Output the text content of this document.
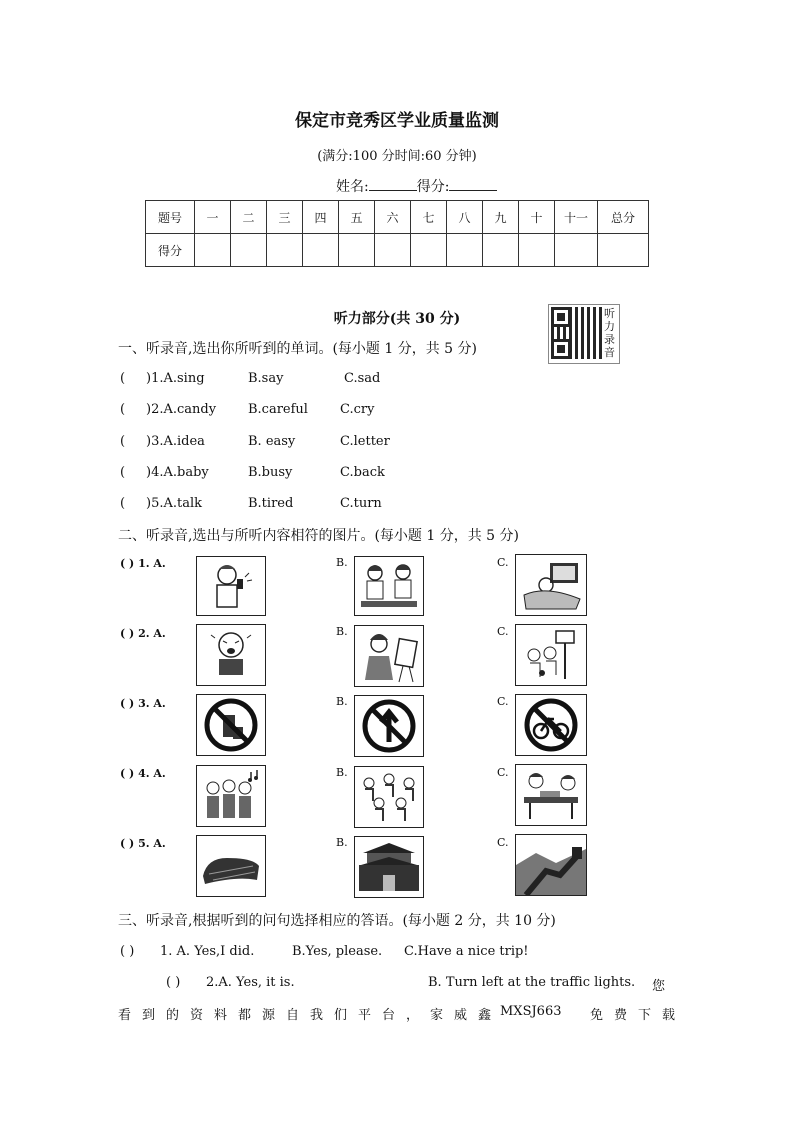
保定市竞秀区学业质量监测
(满分:100 分时间:60 分钟)
姓名:	得分:
题号	一	二	三	四	五	六	七	八	九	十	十一	总分
得分												
听力部分(共 30 分)	听力录音
一、听录音,选出你所听到的单词。(每小题 1 分，共 5 分)
( )1.A.sing	B.say	C.sad
( )2.A.candy B.careful C.cry
( )3.A.idea	B. easy	C.letter
( )4.A.baby	B.busy	C.back
( )5.A.talk	B.tired	C.turn
二、听录音,选出与所听内容相符的图片。(每小题 1 分，共 5 分)
( ) 1. A.	B.	C.
( ) 2. A.	B.	C.
( ) 3. A.	B.	C.
( ) 4. A.	B.	C.
( ) 5. A.	B.	C.
三、听录音,根据听到的问句选择相应的答语。(每小题 2 分，共 10 分)
( ) 1. A. Yes,I did.	B.Yes, please. C.Have a nice trip!
( ) 2.A. Yes, it is.	B. Turn left at the traffic lights. 您
看到的资料都源自我们平台，家威鑫
MXSJ663 免费下载
